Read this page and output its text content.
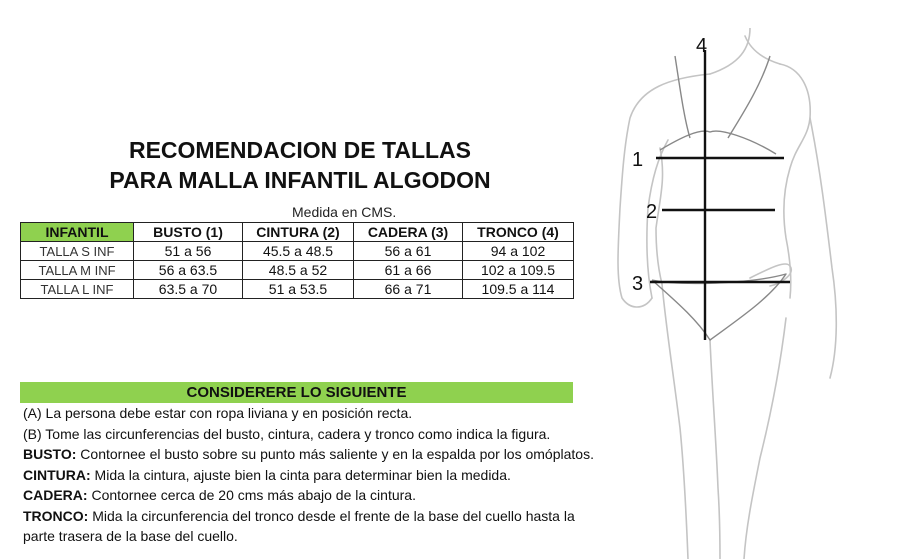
RECOMENDACION DE TALLAS
PARA MALLA INFANTIL ALGODON
Medida en CMS.
INFANTIL	BUSTO (1)	CINTURA (2)	CADERA (3)	TRONCO (4)
TALLA S INF	51 a 56	45.5 a 48.5	56 a 61	94 a 102
TALLA M INF	56 a 63.5	48.5 a 52	61 a 66	102 a 109.5
TALLA L INF	63.5 a 70	51 a 53.5	66 a 71	109.5 a 114
CONSIDERERE LO SIGUIENTE
(A) La persona debe estar con ropa liviana y en posición recta.
(B) Tome las circunferencias del busto, cintura, cadera y tronco como indica la figura.
BUSTO: Contornee el busto sobre su punto más saliente y en la espalda por los omóplatos.
CINTURA: Mida la cintura, ajuste bien la cinta para determinar bien la medida.
CADERA: Contornee cerca de 20 cms más abajo de la cintura.
TRONCO: Mida la circunferencia del tronco desde el frente de la base del cuello hasta la
parte trasera de la base del cuello.
4
1
2
3
